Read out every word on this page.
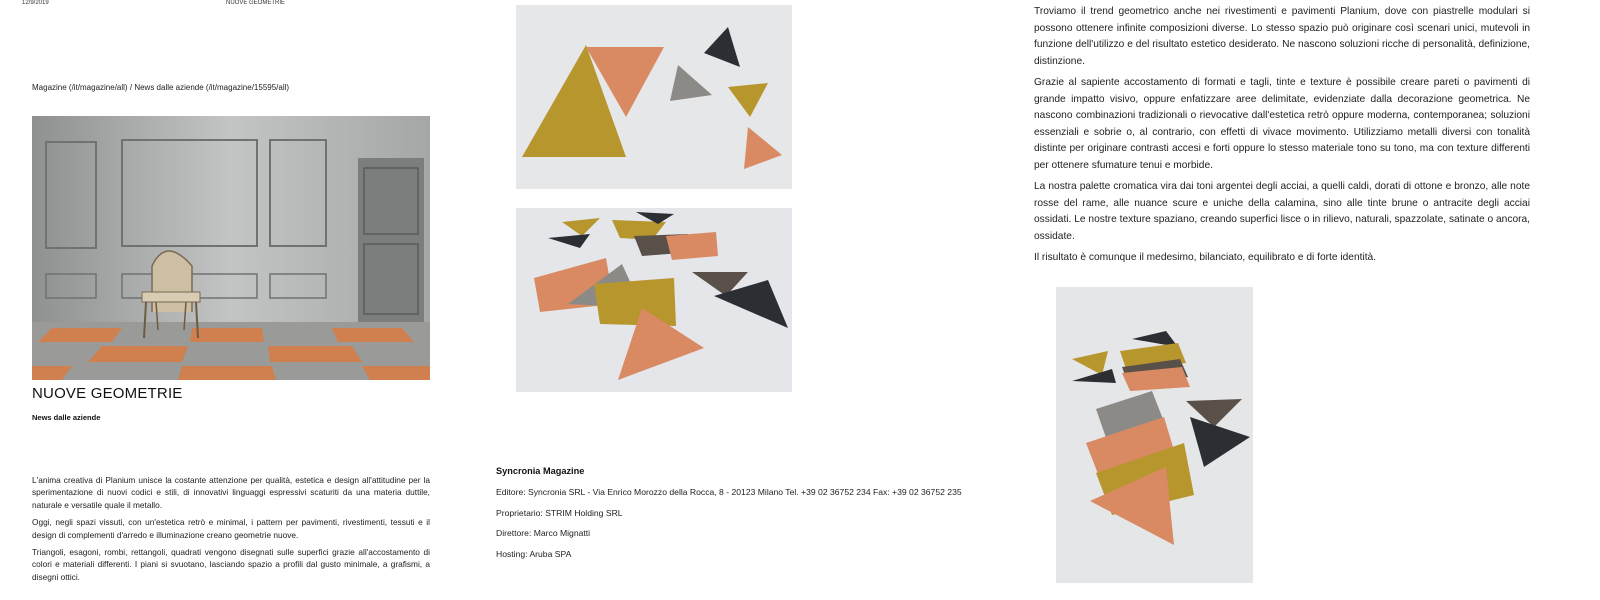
12/9/2019	NUOVE GEOMETRIE
Magazine (/it/magazine/all) / News dalle aziende (/it/magazine/15595/all)
NUOVE GEOMETRIE
News dalle aziende

L'anima creativa di Planium unisce la costante attenzione per qualità, estetica e design all'attitudine per la sperimentazione di nuovi codici e stili, di innovativi linguaggi espressivi scaturiti da una materia duttile, naturale e versatile quale il metallo.

Oggi, negli spazi vissuti, con un'estetica retrò e minimal, i pattern per pavimenti, rivestimenti, tessuti e il design di complementi d'arredo e illuminazione creano geometrie nuove.

Triangoli, esagoni, rombi, rettangoli, quadrati vengono disegnati sulle superfici grazie all'accostamento di colori e materiali differenti. I piani si svuotano, lasciando spazio a profili dal gusto minimale, a grafismi, a disegni ottici.

Syncronia Magazine

Editore: Syncronia SRL - Via Enrico Morozzo della Rocca, 8 - 20123 Milano Tel. +39 02 36752 234 Fax: +39 02 36752 235

Proprietario: STRIM Holding SRL

Direttore: Marco Mignatti

Hosting: Aruba SPA

Troviamo il trend geometrico anche nei rivestimenti e pavimenti Planium, dove con piastrelle modulari si possono ottenere infinite composizioni diverse. Lo stesso spazio può originare così scenari unici, mutevoli in funzione dell'utilizzo e del risultato estetico desiderato. Ne nascono soluzioni ricche di personalità, definizione, distinzione.

Grazie al sapiente accostamento di formati e tagli, tinte e texture è possibile creare pareti o pavimenti di grande impatto visivo, oppure enfatizzare aree delimitate, evidenziate dalla decorazione geometrica. Ne nascono combinazioni tradizionali o rievocative dall'estetica retrò oppure moderna, contemporanea; soluzioni essenziali e sobrie o, al contrario, con effetti di vivace movimento. Utilizziamo metalli diversi con tonalità distinte per originare contrasti accesi e forti oppure lo stesso materiale tono su tono, ma con texture differenti per ottenere sfumature tenui e morbide.

La nostra palette cromatica vira dai toni argentei degli acciai, a quelli caldi, dorati di ottone e bronzo, alle note rosse del rame, alle nuance scure e uniche della calamina, sino alle tinte brune o antracite degli acciai ossidati. Le nostre texture spaziano, creando superfici lisce o in rilievo, naturali, spazzolate, satinate o ancora, ossidate.

Il risultato è comunque il medesimo, bilanciato, equilibrato e di forte identità.
